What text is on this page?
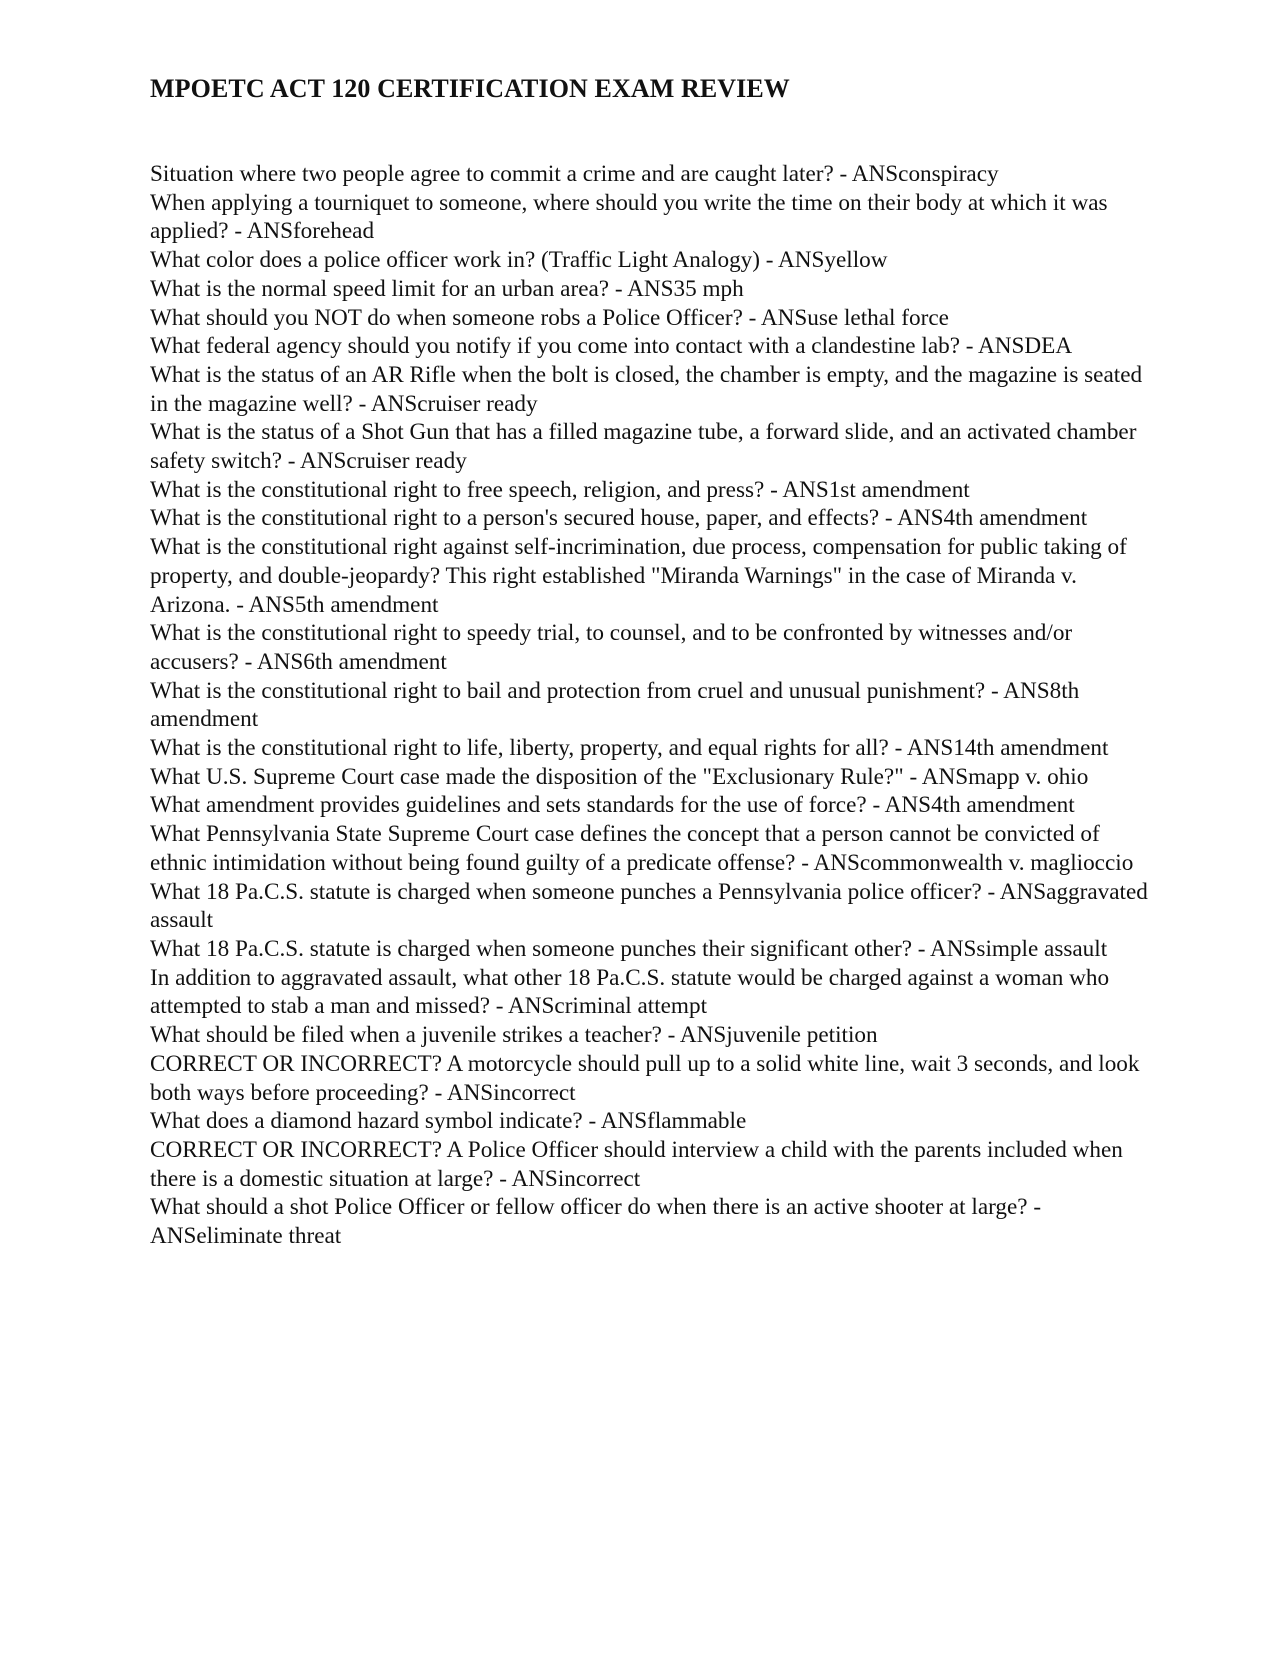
MPOETC ACT 120 CERTIFICATION EXAM REVIEW

Situation where two people agree to commit a crime and are caught later? - ANSconspiracy

When applying a tourniquet to someone, where should you write the time on their body at which it was applied? - ANSforehead

What color does a police officer work in? (Traffic Light Analogy) - ANSyellow

What is the normal speed limit for an urban area? - ANS35 mph

What should you NOT do when someone robs a Police Officer? - ANSuse lethal force

What federal agency should you notify if you come into contact with a clandestine lab? - ANSDEA

What is the status of an AR Rifle when the bolt is closed, the chamber is empty, and the magazine is seated in the magazine well? - ANScruiser ready

What is the status of a Shot Gun that has a filled magazine tube, a forward slide, and an activated chamber safety switch? - ANScruiser ready

What is the constitutional right to free speech, religion, and press? - ANS1st amendment

What is the constitutional right to a person's secured house, paper, and effects? - ANS4th amendment

What is the constitutional right against self-incrimination, due process, compensation for public taking of property, and double-jeopardy? This right established "Miranda Warnings" in the case of Miranda v. Arizona. - ANS5th amendment

What is the constitutional right to speedy trial, to counsel, and to be confronted by witnesses and/or accusers? - ANS6th amendment

What is the constitutional right to bail and protection from cruel and unusual punishment? - ANS8th amendment

What is the constitutional right to life, liberty, property, and equal rights for all? - ANS14th amendment

What U.S. Supreme Court case made the disposition of the "Exclusionary Rule?" - ANSmapp v. ohio

What amendment provides guidelines and sets standards for the use of force? - ANS4th amendment

What Pennsylvania State Supreme Court case defines the concept that a person cannot be convicted of ethnic intimidation without being found guilty of a predicate offense? - ANScommonwealth v. maglioccio

What 18 Pa.C.S. statute is charged when someone punches a Pennsylvania police officer? - ANSaggravated assault

What 18 Pa.C.S. statute is charged when someone punches their significant other? - ANSsimple assault

In addition to aggravated assault, what other 18 Pa.C.S. statute would be charged against a woman who attempted to stab a man and missed? - ANScriminal attempt

What should be filed when a juvenile strikes a teacher? - ANSjuvenile petition

CORRECT OR INCORRECT? A motorcycle should pull up to a solid white line, wait 3 seconds, and look both ways before proceeding? - ANSincorrect

What does a diamond hazard symbol indicate? - ANSflammable

CORRECT OR INCORRECT? A Police Officer should interview a child with the parents included when there is a domestic situation at large? - ANSincorrect

What should a shot Police Officer or fellow officer do when there is an active shooter at large? - ANSeliminate threat
